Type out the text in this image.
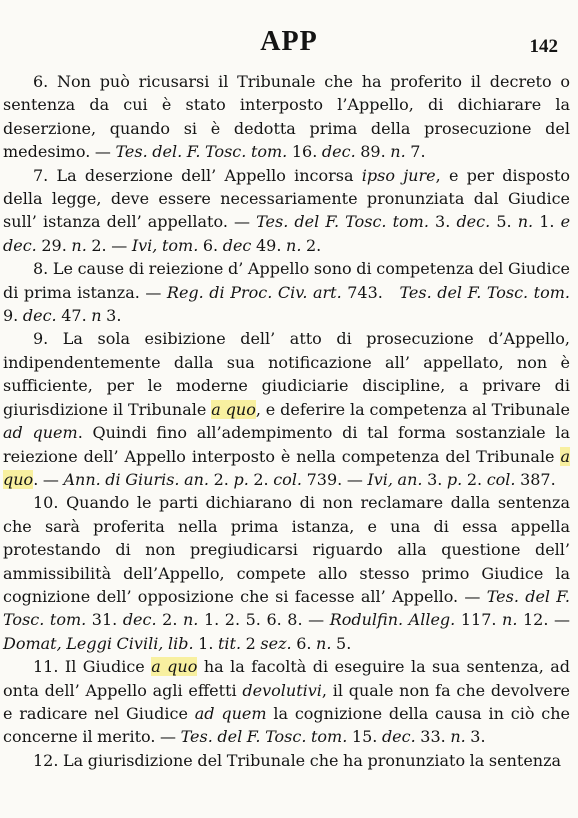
APP	142

6. Non può ricusarsi il Tribunale che ha proferito il decreto o sentenza da cui è stato interposto l’Appello, di dichiarare la deserzione, quando si è dedotta prima della prosecuzione del medesimo. — Tes. del. F. Tosc. tom. 16. dec. 89. n. 7.

7. La deserzione dell’ Appello incorsa ipso jure, e per disposto della legge, deve essere necessariamente pronunziata dal Giudice sull’ istanza dell’ appellato. — Tes. del F. Tosc. tom. 3. dec. 5. n. 1. e dec. 29. n. 2. — Ivi, tom. 6. dec 49. n. 2.

8. Le cause di reiezione d’ Appello sono di competenza del Giudice di prima istanza. — Reg. di Proc. Civ. art. 743.   Tes. del F. Tosc. tom. 9. dec. 47. n 3.

9. La sola esibizione dell’ atto di prosecuzione d’Appello, indipendentemente dalla sua notificazione all’ appellato, non è sufficiente, per le moderne giudiciarie discipline, a privare di giurisdizione il Tribunale a quo, e deferire la competenza al Tribunale ad quem. Quindi fino all’adempimento di tal forma sostanziale la reiezione dell’ Appello interposto è nella competenza del Tribunale a quo. — Ann. di Giuris. an. 2. p. 2. col. 739. — Ivi, an. 3. p. 2. col. 387.

10. Quando le parti dichiarano di non reclamare dalla sentenza che sarà proferita nella prima istanza, e una di essa appella protestando di non pregiudicarsi riguardo alla questione dell’ ammissibilità dell’Appello, compete allo stesso primo Giudice la cognizione dell’ opposizione che si facesse all’ Appello. — Tes. del F. Tosc. tom. 31. dec. 2. n. 1. 2. 5. 6. 8. — Rodulfin. Alleg. 117. n. 12. — Domat, Leggi Civili, lib. 1. tit. 2 sez. 6. n. 5.

11. Il Giudice a quo ha la facoltà di eseguire la sua sentenza, ad onta dell’ Appello agli effetti devolutivi, il quale non fa che devolvere e radicare nel Giudice ad quem la cognizione della causa in ciò che concerne il merito. — Tes. del F. Tosc. tom. 15. dec. 33. n. 3.

12. La giurisdizione del Tribunale che ha pronunziato la sentenza
